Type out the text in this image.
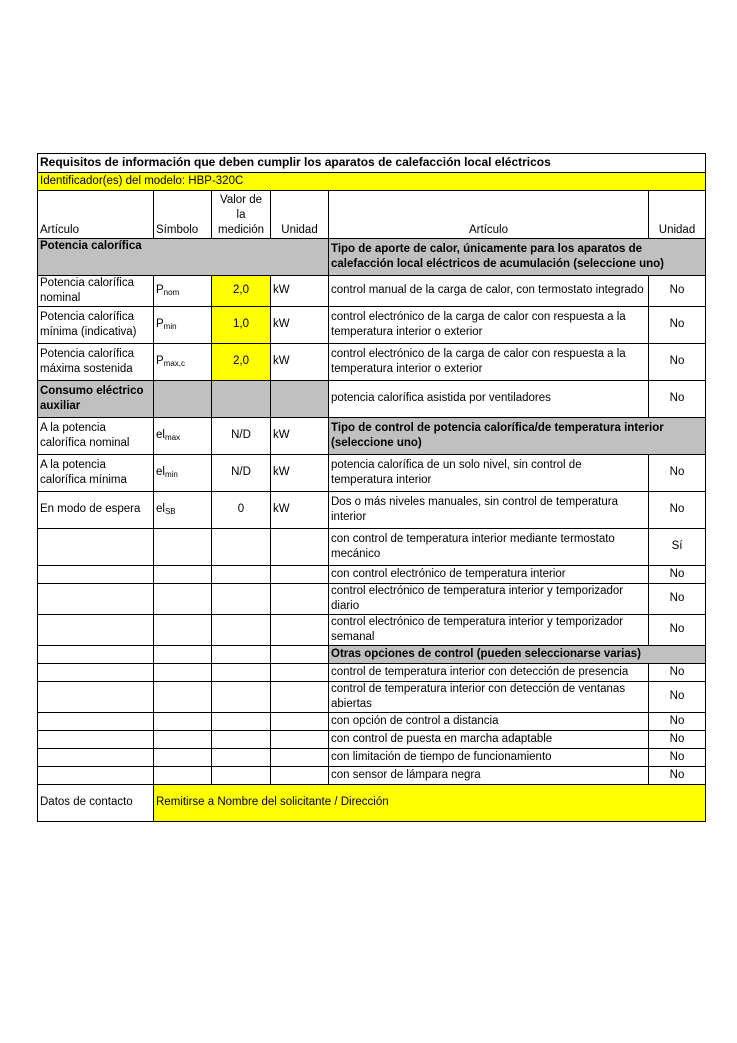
Requisitos de información que deben cumplir los aparatos de calefacción local eléctricos					
Identificador(es) del modelo: HBP-320C					
Artículo	Símbolo	Valor de la medición	Unidad	Artículo	Unidad
Potencia calorífica				Tipo de aporte de calor, únicamente para los aparatos de calefacción local eléctricos de acumulación (seleccione uno)	
Potencia calorífica nominal	$P_{nom}$	2,0	kW	control manual de la carga de calor, con termostato integrado	No
Potencia calorífica mínima (indicativa)	$P_{min}$	1,0	kW	control electrónico de la carga de calor con respuesta a la temperatura interior o exterior	No
Potencia calorífica máxima sostenida	$P_{max,c}$	2,0	kW	control electrónico de la carga de calor con respuesta a la temperatura interior o exterior	No
Consumo eléctrico auxiliar				potencia calorífica asistida por ventiladores	No
A la potencia calorífica nominal	$el_{max}$	N/D	kW	Tipo de control de potencia calorífica/de temperatura interior (seleccione uno)	
A la potencia calorífica mínima	$el_{min}$	N/D	kW	potencia calorífica de un solo nivel, sin control de temperatura interior	No
En modo de espera	$el_{SB}$	0	kW	Dos o más niveles manuales, sin control de temperatura interior	No
				con control de temperatura interior mediante termostato mecánico	Sí
				con control electrónico de temperatura interior	No
				control electrónico de temperatura interior y temporizador diario	No
				control electrónico de temperatura interior y temporizador semanal	No
				Otras opciones de control (pueden seleccionarse varias)	
				control de temperatura interior con detección de presencia	No
				control de temperatura interior con detección de ventanas abiertas	No
				con opción de control a distancia	No
				con control de puesta en marcha adaptable	No
				con limitación de tiempo de funcionamiento	No
				con sensor de lámpara negra	No
Datos de contacto	Remitirse a Nombre del solicitante / Dirección				
